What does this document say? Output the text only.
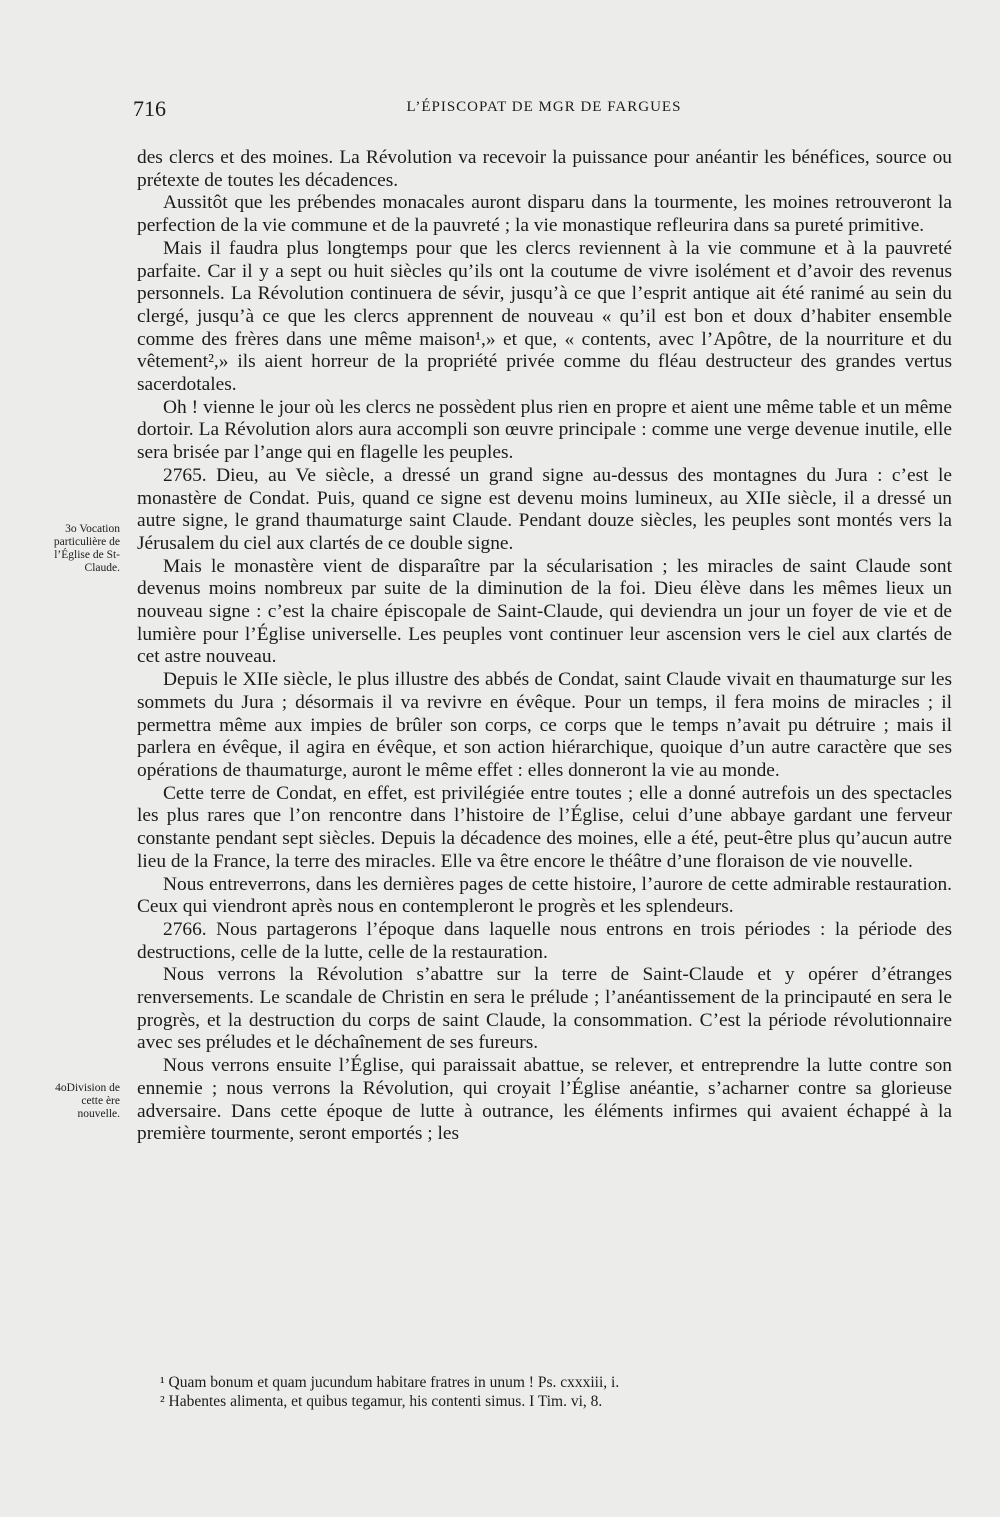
716	L’ÉPISCOPAT DE MGR DE FARGUES
3o Vocation particulière de l’Église de St-Claude.
4oDivision de cette ère nouvelle.

des clercs et des moines. La Révolution va recevoir la puissance pour anéantir les bénéfices, source ou prétexte de toutes les décadences.

Aussitôt que les prébendes monacales auront disparu dans la tourmente, les moines retrouveront la perfection de la vie commune et de la pauvreté ; la vie monastique refleurira dans sa pureté primitive.

Mais il faudra plus longtemps pour que les clercs reviennent à la vie commune et à la pauvreté parfaite. Car il y a sept ou huit siècles qu’ils ont la coutume de vivre isolément et d’avoir des revenus personnels. La Révolution continuera de sévir, jusqu’à ce que l’esprit antique ait été ranimé au sein du clergé, jusqu’à ce que les clercs apprennent de nouveau « qu’il est bon et doux d’habiter ensemble comme des frères dans une même maison¹,» et que, « contents, avec l’Apôtre, de la nourriture et du vêtement²,» ils aient horreur de la propriété privée comme du fléau destructeur des grandes vertus sacerdotales.

Oh ! vienne le jour où les clercs ne possèdent plus rien en propre et aient une même table et un même dortoir. La Révolution alors aura accompli son œuvre principale : comme une verge devenue inutile, elle sera brisée par l’ange qui en flagelle les peuples.

2765. Dieu, au Ve siècle, a dressé un grand signe au-dessus des montagnes du Jura : c’est le monastère de Condat. Puis, quand ce signe est devenu moins lumineux, au XIIe siècle, il a dressé un autre signe, le grand thaumaturge saint Claude. Pendant douze siècles, les peuples sont montés vers la Jérusalem du ciel aux clartés de ce double signe.

Mais le monastère vient de disparaître par la sécularisation ; les miracles de saint Claude sont devenus moins nombreux par suite de la diminution de la foi. Dieu élève dans les mêmes lieux un nouveau signe : c’est la chaire épiscopale de Saint-Claude, qui deviendra un jour un foyer de vie et de lumière pour l’Église universelle. Les peuples vont continuer leur ascension vers le ciel aux clartés de cet astre nouveau.

Depuis le XIIe siècle, le plus illustre des abbés de Condat, saint Claude vivait en thaumaturge sur les sommets du Jura ; désormais il va revivre en évêque. Pour un temps, il fera moins de miracles ; il permettra même aux impies de brûler son corps, ce corps que le temps n’avait pu détruire ; mais il parlera en évêque, il agira en évêque, et son action hiérarchique, quoique d’un autre caractère que ses opérations de thaumaturge, auront le même effet : elles donneront la vie au monde.

Cette terre de Condat, en effet, est privilégiée entre toutes ; elle a donné autrefois un des spectacles les plus rares que l’on rencontre dans l’histoire de l’Église, celui d’une abbaye gardant une ferveur constante pendant sept siècles. Depuis la décadence des moines, elle a été, peut-être plus qu’aucun autre lieu de la France, la terre des miracles. Elle va être encore le théâtre d’une floraison de vie nouvelle.

Nous entreverrons, dans les dernières pages de cette histoire, l’aurore de cette admirable restauration. Ceux qui viendront après nous en contempleront le progrès et les splendeurs.

2766. Nous partagerons l’époque dans laquelle nous entrons en trois périodes : la période des destructions, celle de la lutte, celle de la restauration.

Nous verrons la Révolution s’abattre sur la terre de Saint-Claude et y opérer d’étranges renversements. Le scandale de Christin en sera le prélude ; l’anéantissement de la principauté en sera le progrès, et la destruction du corps de saint Claude, la consommation. C’est la période révolutionnaire avec ses préludes et le déchaînement de ses fureurs.

Nous verrons ensuite l’Église, qui paraissait abattue, se relever, et entreprendre la lutte contre son ennemie ; nous verrons la Révolution, qui croyait l’Église anéantie, s’acharner contre sa glorieuse adversaire. Dans cette époque de lutte à outrance, les éléments infirmes qui avaient échappé à la première tourmente, seront emportés ; les

¹ Quam bonum et quam jucundum habitare fratres in unum ! Ps. cxxxiii, i.

² Habentes alimenta, et quibus tegamur, his contenti simus. I Tim. vi, 8.
